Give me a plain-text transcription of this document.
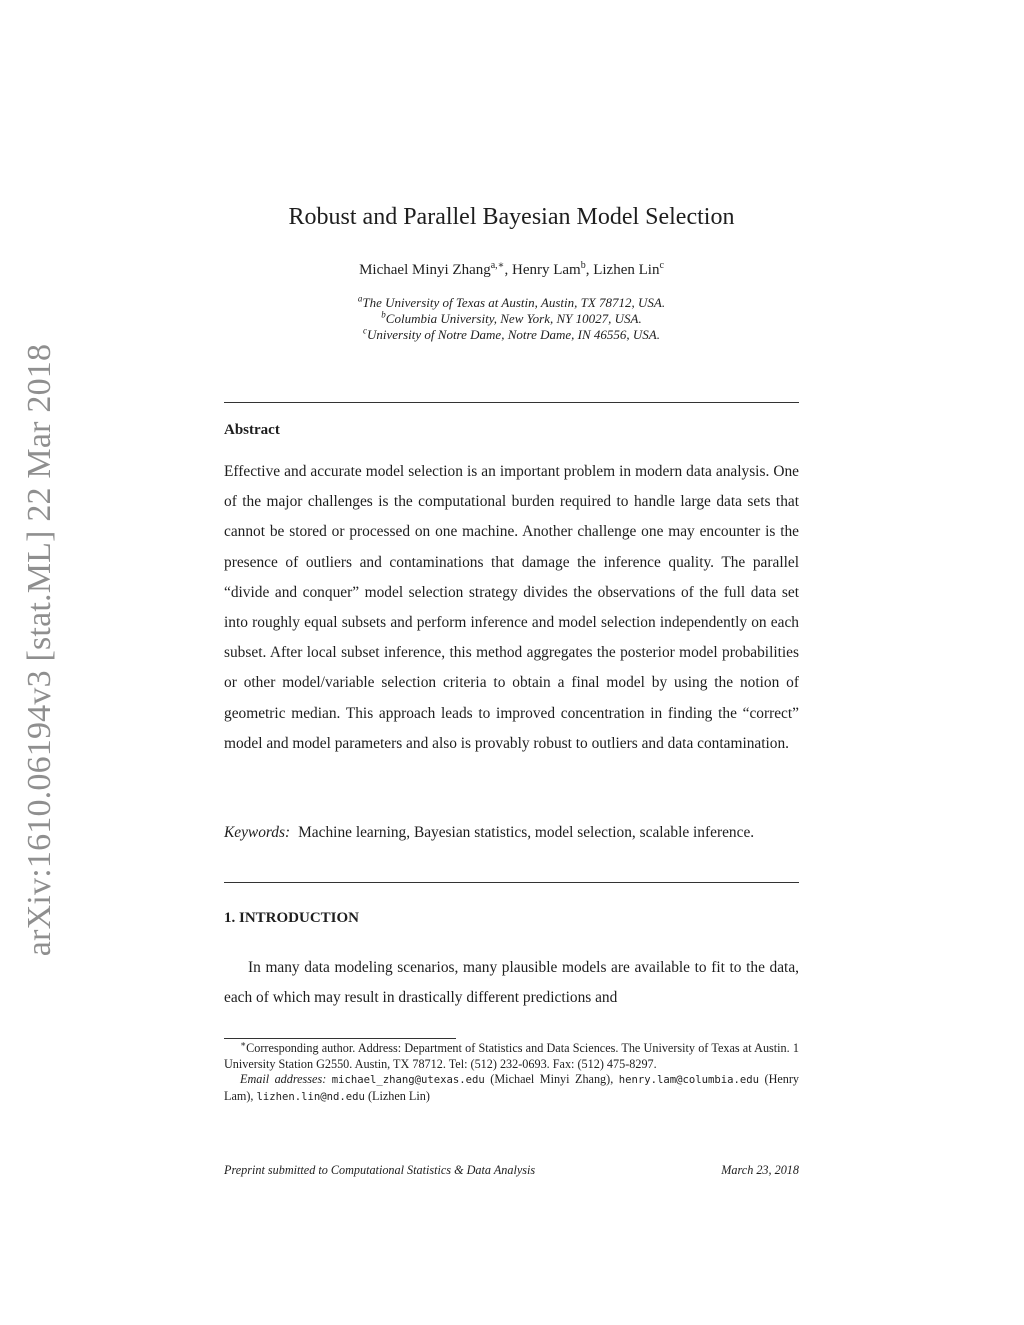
arXiv:1610.06194v3 [stat.ML] 22 Mar 2018
Robust and Parallel Bayesian Model Selection
Michael Minyi Zhang$^{a,∗}$, Henry Lam$^b$, Lizhen Lin$^c$
$^a$The University of Texas at Austin, Austin, TX 78712, USA.
$^b$Columbia University, New York, NY 10027, USA.
$^c$University of Notre Dame, Notre Dame, IN 46556, USA.
Abstract

Effective and accurate model selection is an important problem in modern data analysis. One of the major challenges is the computational burden required to handle large data sets that cannot be stored or processed on one machine. Another challenge one may encounter is the presence of outliers and contaminations that damage the inference quality. The parallel “divide and conquer” model selection strategy divides the observations of the full data set into roughly equal subsets and perform inference and model selection independently on each subset. After local subset inference, this method aggregates the posterior model probabilities or other model/variable selection criteria to obtain a final model by using the notion of geometric median. This approach leads to improved concentration in finding the “correct” model and model parameters and also is provably robust to outliers and data contamination.

Keywords: Machine learning, Bayesian statistics, model selection, scalable inference.

1. INTRODUCTION

In many data modeling scenarios, many plausible models are available to fit to the data, each of which may result in drastically different predictions and

∗Corresponding author. Address: Department of Statistics and Data Sciences. The University of Texas at Austin. 1 University Station G2550. Austin, TX 78712. Tel: (512) 232-0693. Fax: (512) 475-8297.

Email addresses: michael_zhang@utexas.edu (Michael Minyi Zhang), henry.lam@columbia.edu (Henry Lam), lizhen.lin@nd.edu (Lizhen Lin)

Preprint submitted to Computational Statistics & Data Analysis	March 23, 2018
